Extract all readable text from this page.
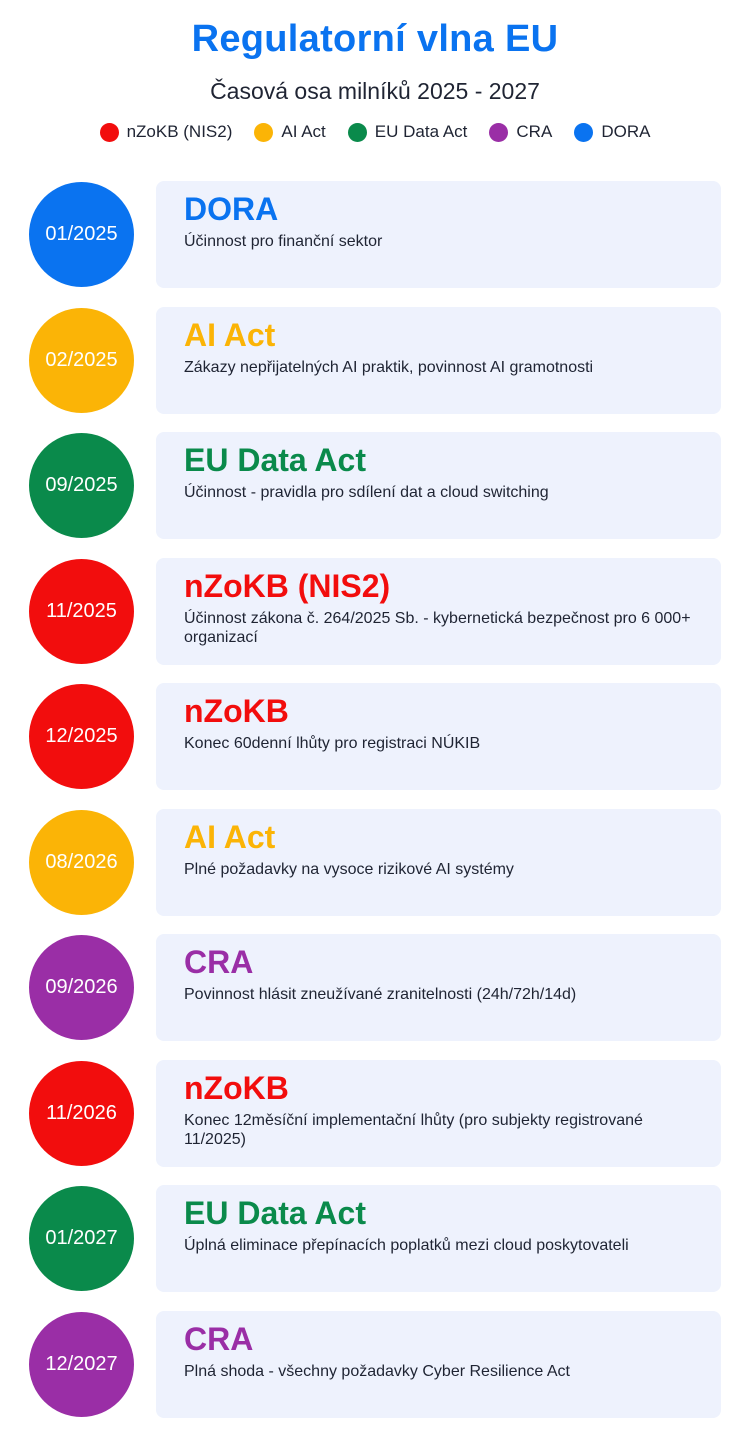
Regulatorní vlna EU
Časová osa milníků 2025 - 2027
nZoKB (NIS2)	AI Act	EU Data Act	CRA	DORA
01/2025
DORA
Účinnost pro finanční sektor
02/2025
AI Act
Zákazy nepřijatelných AI praktik, povinnost AI gramotnosti
09/2025
EU Data Act
Účinnost - pravidla pro sdílení dat a cloud switching
11/2025
nZoKB (NIS2)
Účinnost zákona č. 264/2025 Sb. - kybernetická bezpečnost pro 6 000+ organizací
12/2025
nZoKB
Konec 60denní lhůty pro registraci NÚKIB
08/2026
AI Act
Plné požadavky na vysoce rizikové AI systémy
09/2026
CRA
Povinnost hlásit zneužívané zranitelnosti (24h/72h/14d)
11/2026
nZoKB
Konec 12měsíční implementační lhůty (pro subjekty registrované 11/2025)
01/2027
EU Data Act
Úplná eliminace přepínacích poplatků mezi cloud poskytovateli
12/2027
CRA
Plná shoda - všechny požadavky Cyber Resilience Act
